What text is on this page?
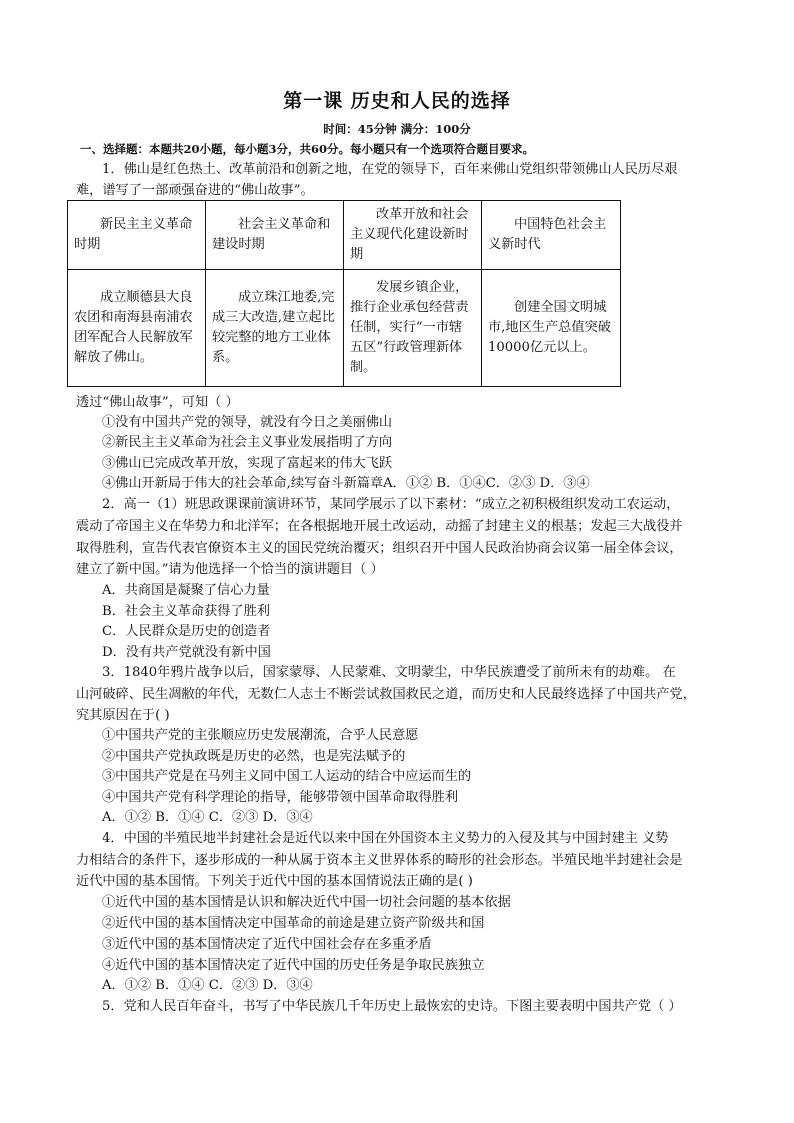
第一课 历史和人民的选择
时间：45分钟 满分：100分
一、选择题：本题共20小题，每小题3分，共60分。每小题只有一个选项符合题目要求。
1．佛山是红色热土、改革前沿和创新之地，在党的领导下，百年来佛山党组织带领佛山人民历尽艰
难，谱写了一部顽强奋进的“佛山故事”。
新民主主义革命时期	社会主义革命和建设时期	改革开放和社会主义现代化建设新时期	中国特色社会主义新时代
成立顺德县大良农团和南海县南浦农团军配合人民解放军解放了佛山。	成立珠江地委,完成三大改造,建立起比较完整的地方工业体系。	发展乡镇企业，推行企业承包经营责任制，实行“一市辖五区”行政管理新体制。	创建全国文明城市,地区生产总值突破10000亿元以上。
透过“佛山故事”，可知（ ）
①没有中国共产党的领导，就没有今日之美丽佛山
②新民主主义革命为社会主义事业发展指明了方向
③佛山已完成改革开放，实现了富起来的伟大飞跃
④佛山开新局于伟大的社会革命,续写奋斗新篇章A．①② B．①④C．②③ D．③④
2．高一（1）班思政课课前演讲环节，某同学展示了以下素材：“成立之初积极组织发动工农运动，
震动了帝国主义在华势力和北洋军；在各根据地开展土改运动，动摇了封建主义的根基；发起三大战役并
取得胜利，宣告代表官僚资本主义的国民党统治覆灭；组织召开中国人民政治协商会议第一届全体会议，
建立了新中国。”请为他选择一个恰当的演讲题目（ ）
A．共商国是凝聚了信心力量
B．社会主义革命获得了胜利
C．人民群众是历史的创造者
D．没有共产党就没有新中国
3．1840年鸦片战争以后，国家蒙辱、人民蒙难、文明蒙尘，中华民族遭受了前所未有的劫难。 在
山河破碎、民生凋敝的年代，无数仁人志士不断尝试救国救民之道，而历史和人民最终选择了中国共产党，
究其原因在于( )
①中国共产党的主张顺应历史发展潮流，合乎人民意愿
②中国共产党执政既是历史的必然，也是宪法赋予的
③中国共产党是在马列主义同中国工人运动的结合中应运而生的
④中国共产党有科学理论的指导，能够带领中国革命取得胜利
A．①② B．①④ C．②③ D．③④
4．中国的半殖民地半封建社会是近代以来中国在外国资本主义势力的入侵及其与中国封建主 义势
力相结合的条件下，逐步形成的一种从属于资本主义世界体系的畸形的社会形态。半殖民地半封建社会是
近代中国的基本国情。下列关于近代中国的基本国情说法正确的是( )
①近代中国的基本国情是认识和解决近代中国一切社会问题的基本依据
②近代中国的基本国情决定中国革命的前途是建立资产阶级共和国
③近代中国的基本国情决定了近代中国社会存在多重矛盾
④近代中国的基本国情决定了近代中国的历史任务是争取民族独立
A．①② B．①④ C．②③ D．③④
5．党和人民百年奋斗，书写了中华民族几千年历史上最恢宏的史诗。下图主要表明中国共产党（ ）
